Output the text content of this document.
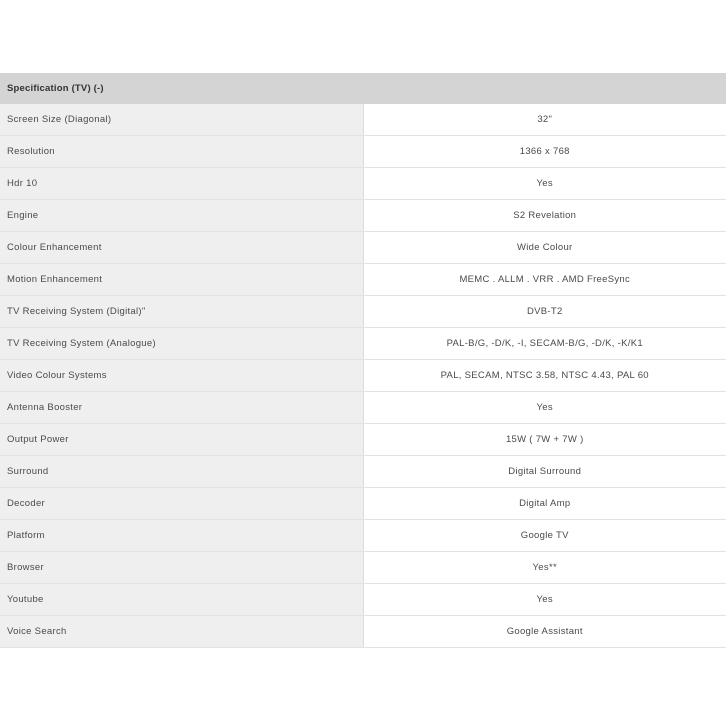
Specification (TV) (-)	
Screen Size (Diagonal)	32"
Resolution	1366 x 768
Hdr 10	Yes
Engine	S2 Revelation
Colour Enhancement	Wide Colour
Motion Enhancement	MEMC . ALLM . VRR . AMD FreeSync
TV Receiving System (Digital)"	DVB-T2
TV Receiving System (Analogue)	PAL-B/G, -D/K, -I, SECAM-B/G, -D/K, -K/K1
Video Colour Systems	PAL, SECAM, NTSC 3.58, NTSC 4.43, PAL 60
Antenna Booster	Yes
Output Power	15W ( 7W + 7W )
Surround	Digital Surround
Decoder	Digital Amp
Platform	Google TV
Browser	Yes**
Youtube	Yes
Voice Search	Google Assistant
